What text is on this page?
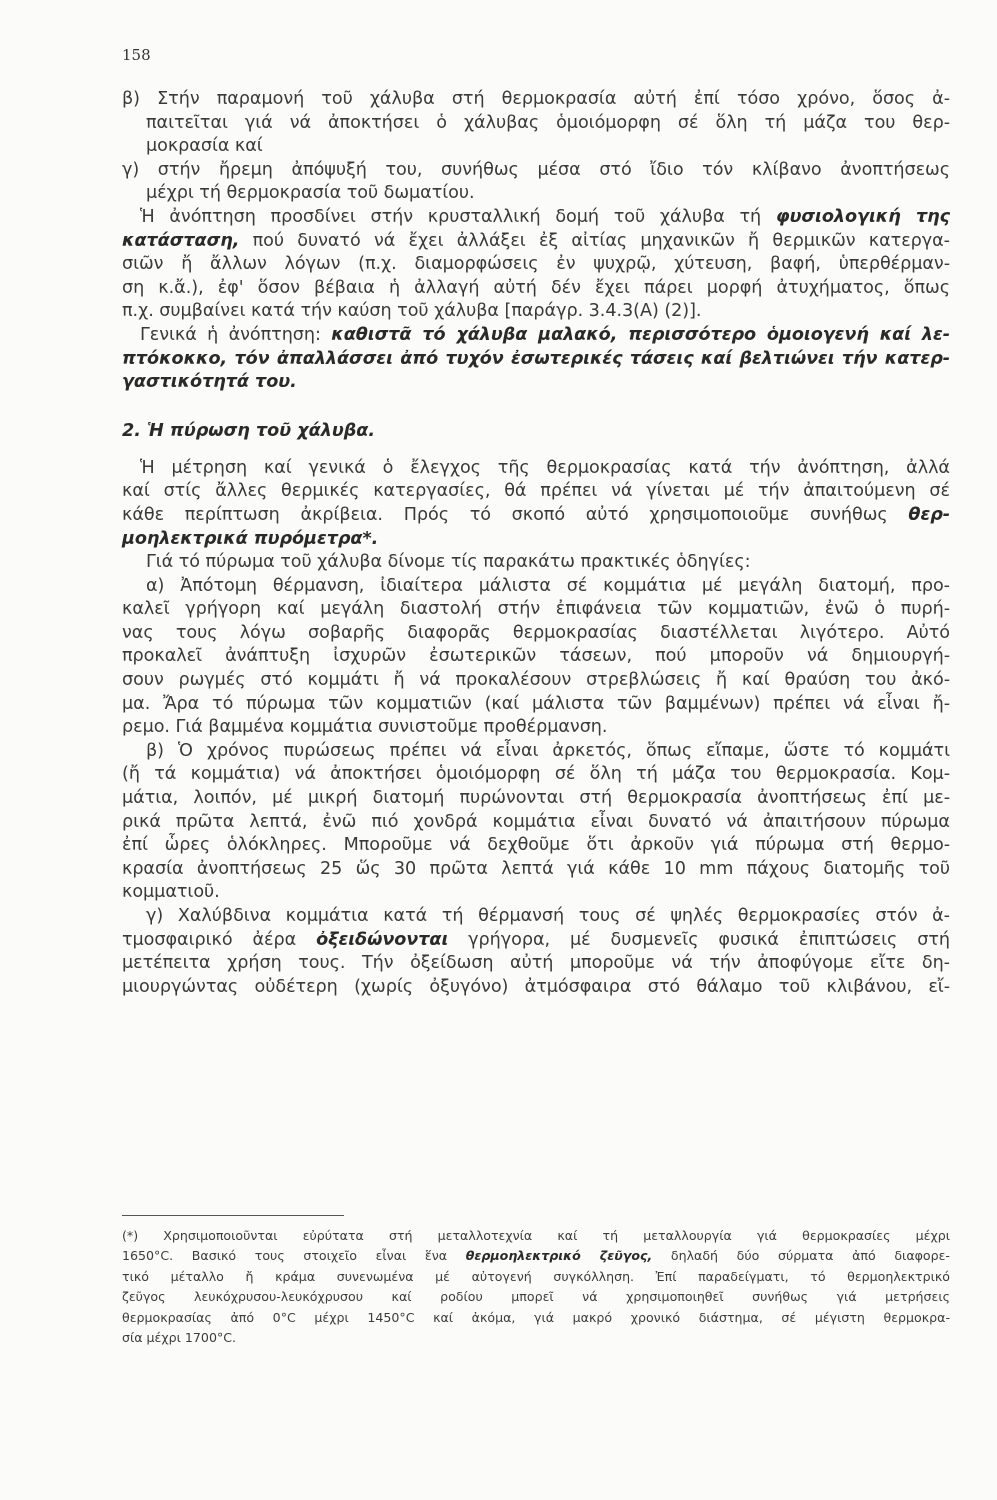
158
β) Στήν παραμονή τοῦ χάλυβα στή θερμοκρασία αὐτή ἐπί τόσο χρόνο, ὅσος ἀ-
παιτεῖται γιά νά ἀποκτήσει ὁ χάλυβας ὁμοιόμορφη σέ ὅλη τή μάζα του θερ-
μοκρασία καί
γ) στήν ἤρεμη ἀπόψυξή του, συνήθως μέσα στό ἴδιο τόν κλίβανο ἀνοπτήσεως
μέχρι τή θερμοκρασία τοῦ δωματίου.
Ἡ ἀνόπτηση προσδίνει στήν κρυσταλλική δομή τοῦ χάλυβα τή φυσιολογική της
κατάσταση, πού δυνατό νά ἔχει ἀλλάξει ἐξ αἰτίας μηχανικῶν ἤ θερμικῶν κατεργα-
σιῶν ἤ ἄλλων λόγων (π.χ. διαμορφώσεις ἐν ψυχρῷ, χύτευση, βαφή, ὑπερθέρμαν-
ση κ.ἄ.), ἐφ' ὅσον βέβαια ἡ ἀλλαγή αὐτή δέν ἔχει πάρει μορφή ἀτυχήματος, ὅπως
π.χ. συμβαίνει κατά τήν καύση τοῦ χάλυβα [παράγρ. 3.4.3(Α) (2)].
Γενικά ἡ ἀνόπτηση: καθιστᾶ τό χάλυβα μαλακό, περισσότερο ὁμοιογενή καί λε-
πτόκοκκο, τόν ἀπαλλάσσει ἀπό τυχόν ἐσωτερικές τάσεις καί βελτιώνει τήν κατερ-
γαστικότητά του.
2. Ἡ πύρωση τοῦ χάλυβα.
Ἡ μέτρηση καί γενικά ὁ ἔλεγχος τῆς θερμοκρασίας κατά τήν ἀνόπτηση, ἀλλά
καί στίς ἄλλες θερμικές κατεργασίες, θά πρέπει νά γίνεται μέ τήν ἀπαιτούμενη σέ
κάθε περίπτωση ἀκρίβεια. Πρός τό σκοπό αὐτό χρησιμοποιοῦμε συνήθως θερ-
μοηλεκτρικά πυρόμετρα*.
Γιά τό πύρωμα τοῦ χάλυβα δίνομε τίς παρακάτω πρακτικές ὁδηγίες:
α) Ἀπότομη θέρμανση, ἰδιαίτερα μάλιστα σέ κομμάτια μέ μεγάλη διατομή, προ-
καλεῖ γρήγορη καί μεγάλη διαστολή στήν ἐπιφάνεια τῶν κομματιῶν, ἐνῶ ὁ πυρή-
νας τους λόγω σοβαρῆς διαφορᾶς θερμοκρασίας διαστέλλεται λιγότερο. Αὐτό
προκαλεῖ ἀνάπτυξη ἰσχυρῶν ἐσωτερικῶν τάσεων, πού μποροῦν νά δημιουργή-
σουν ρωγμές στό κομμάτι ἤ νά προκαλέσουν στρεβλώσεις ἤ καί θραύση του ἀκό-
μα. Ἄρα τό πύρωμα τῶν κομματιῶν (καί μάλιστα τῶν βαμμένων) πρέπει νά εἶναι ἤ-
ρεμο. Γιά βαμμένα κομμάτια συνιστοῦμε προθέρμανση.
β) Ὁ χρόνος πυρώσεως πρέπει νά εἶναι ἀρκετός, ὅπως εἴπαμε, ὥστε τό κομμάτι
(ἤ τά κομμάτια) νά ἀποκτήσει ὁμοιόμορφη σέ ὅλη τή μάζα του θερμοκρασία. Κομ-
μάτια, λοιπόν, μέ μικρή διατομή πυρώνονται στή θερμοκρασία ἀνοπτήσεως ἐπί με-
ρικά πρῶτα λεπτά, ἐνῶ πιό χονδρά κομμάτια εἶναι δυνατό νά ἀπαιτήσουν πύρωμα
ἐπί ὧρες ὁλόκληρες. Μποροῦμε νά δεχθοῦμε ὅτι ἀρκοῦν γιά πύρωμα στή θερμο-
κρασία ἀνοπτήσεως 25 ὥς 30 πρῶτα λεπτά γιά κάθε 10 mm πάχους διατομῆς τοῦ
κομματιοῦ.
γ) Χαλύβδινα κομμάτια κατά τή θέρμανσή τους σέ ψηλές θερμοκρασίες στόν ἀ-
τμοσφαιρικό ἀέρα ὀξειδώνονται γρήγορα, μέ δυσμενεῖς φυσικά ἐπιπτώσεις στή
μετέπειτα χρήση τους. Τήν ὀξείδωση αὐτή μποροῦμε νά τήν ἀποφύγομε εἴτε δη-
μιουργώντας οὐδέτερη (χωρίς ὀξυγόνο) ἀτμόσφαιρα στό θάλαμο τοῦ κλιβάνου, εἴ-
(*) Χρησιμοποιοῦνται εὐρύτατα στή μεταλλοτεχνία καί τή μεταλλουργία γιά θερμοκρασίες μέχρι
1650°C. Βασικό τους στοιχεῖο εἶναι ἕνα θερμοηλεκτρικό ζεῦγος, δηλαδή δύο σύρματα ἀπό διαφορε-
τικό μέταλλο ἤ κράμα συνενωμένα μέ αὐτογενή συγκόλληση. Ἐπί παραδείγματι, τό θερμοηλεκτρικό
ζεῦγος λευκόχρυσου-λευκόχρυσου καί ροδίου μπορεῖ νά χρησιμοποιηθεῖ συνήθως γιά μετρήσεις
θερμοκρασίας ἀπό 0°C μέχρι 1450°C καί ἀκόμα, γιά μακρό χρονικό διάστημα, σέ μέγιστη θερμοκρα-
σία μέχρι 1700°C.
